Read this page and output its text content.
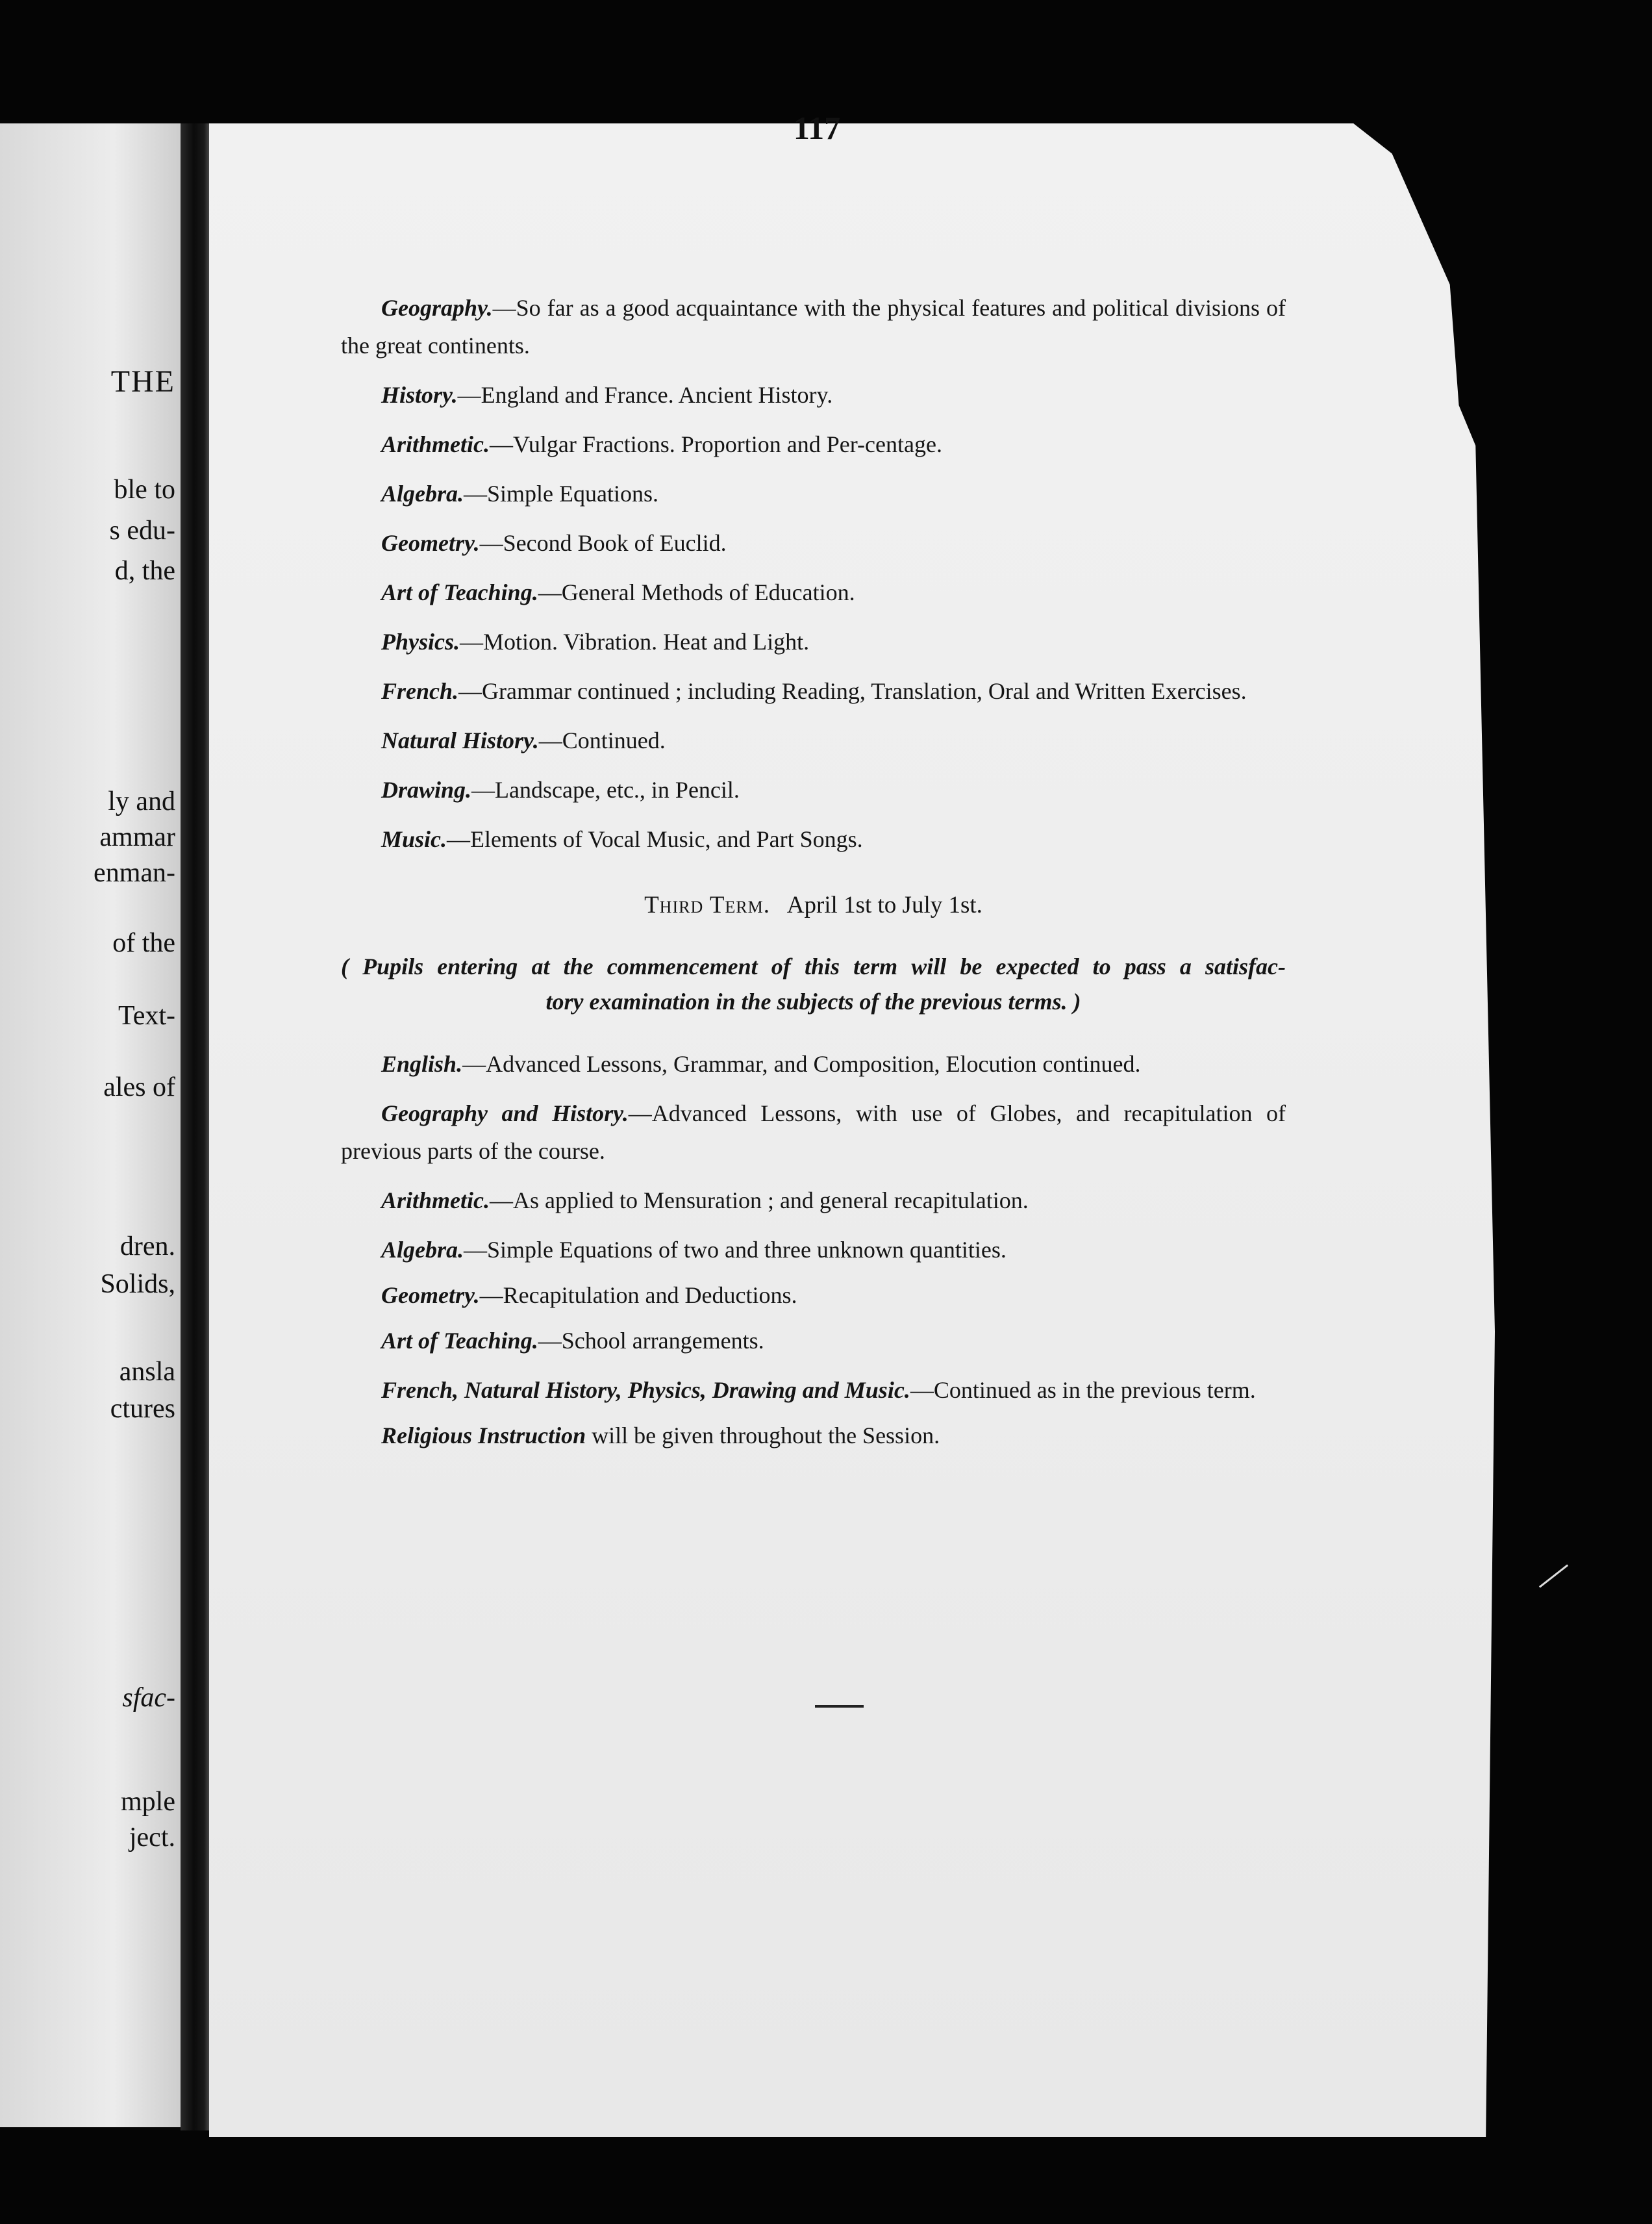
THE
ble to
s edu-
d, the
ly and
ammar
enman-
of the
Text-
ales of
dren.
Solids,
ansla
ctures
sfac-
mple
ject.
117

Geography.—So far as a good acquaintance with the physical features and political divisions of the great continents.

History.—England and France. Ancient History.

Arithmetic.—Vulgar Fractions. Proportion and Per-centage.

Algebra.—Simple Equations.

Geometry.—Second Book of Euclid.

Art of Teaching.—General Methods of Education.

Physics.—Motion. Vibration. Heat and Light.

French.—Grammar continued ; including Reading, Translation, Oral and Written Exercises.

Natural History.—Continued.

Drawing.—Landscape, etc., in Pencil.

Music.—Elements of Vocal Music, and Part Songs.

Third Term. April 1st to July 1st.
( Pupils entering at the commencement of this term will be expected to pass a satisfac-
tory examination in the subjects of the previous terms. )

English.—Advanced Lessons, Grammar, and Composition, Elocution continued.

Geography and History.—Advanced Lessons, with use of Globes, and recapitulation of previous parts of the course.

Arithmetic.—As applied to Mensuration ; and general recapitulation.

Algebra.—Simple Equations of two and three unknown quantities.

Geometry.—Recapitulation and Deductions.

Art of Teaching.—School arrangements.

French, Natural History, Physics, Drawing and Music.—Continued as in the previous term.

Religious Instruction will be given throughout the Session.
